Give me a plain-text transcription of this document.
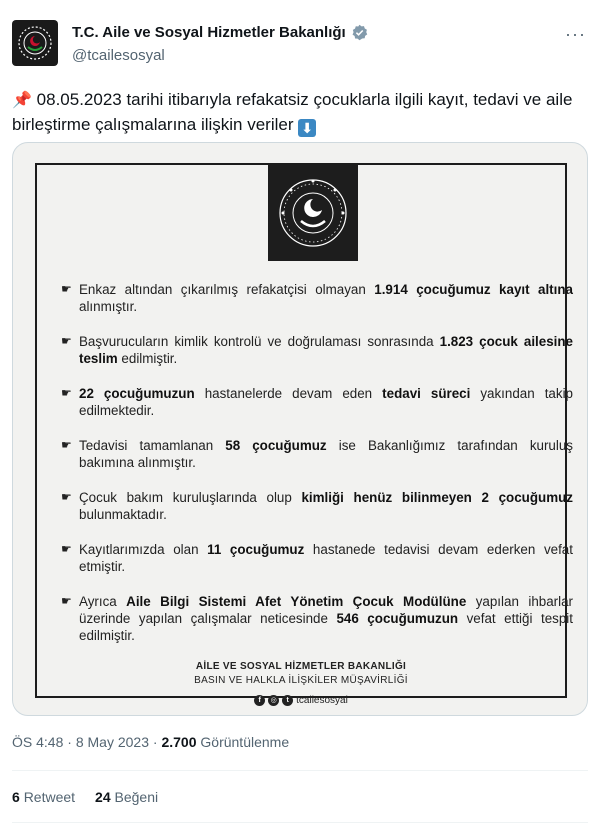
T.C. Aile ve Sosyal Hizmetler Bakanlığı
@tcailesosyal
···
📌 08.05.2023 tarihi itibarıyla refakatsiz çocuklarla ilgili kayıt, tedavi ve aile birleştirme çalışmalarına ilişkin veriler ⬇
☛ Enkaz altından çıkarılmış refakatçisi olmayan 1.914 çocuğumuz kayıt altına alınmıştır.
☛ Başvurucuların kimlik kontrolü ve doğrulaması sonrasında 1.823 çocuk ailesine teslim edilmiştir.
☛ 22 çocuğumuzun hastanelerde devam eden tedavi süreci yakından takip edilmektedir.
☛ Tedavisi tamamlanan 58 çocuğumuz ise Bakanlığımız tarafından kuruluş bakımına alınmıştır.
☛ Çocuk bakım kuruluşlarında olup kimliği henüz bilinmeyen 2 çocuğumuz bulunmaktadır.
☛ Kayıtlarımızda olan 11 çocuğumuz hastanede tedavisi devam ederken vefat etmiştir.
☛ Ayrıca Aile Bilgi Sistemi Afet Yönetim Çocuk Modülüne yapılan ihbarlar üzerinde yapılan çalışmalar neticesinde 546 çocuğumuzun vefat ettiği tespit edilmiştir.
AİLE VE SOSYAL HİZMETLER BAKANLIĞI
BASIN VE HALKLA İLİŞKİLER MÜŞAVİRLİĞİ
f	◎	t tcailesosyal
ÖS 4:48 · 8 May 2023 · 2.700 Görüntülenme
6 Retweet 24 Beğeni
